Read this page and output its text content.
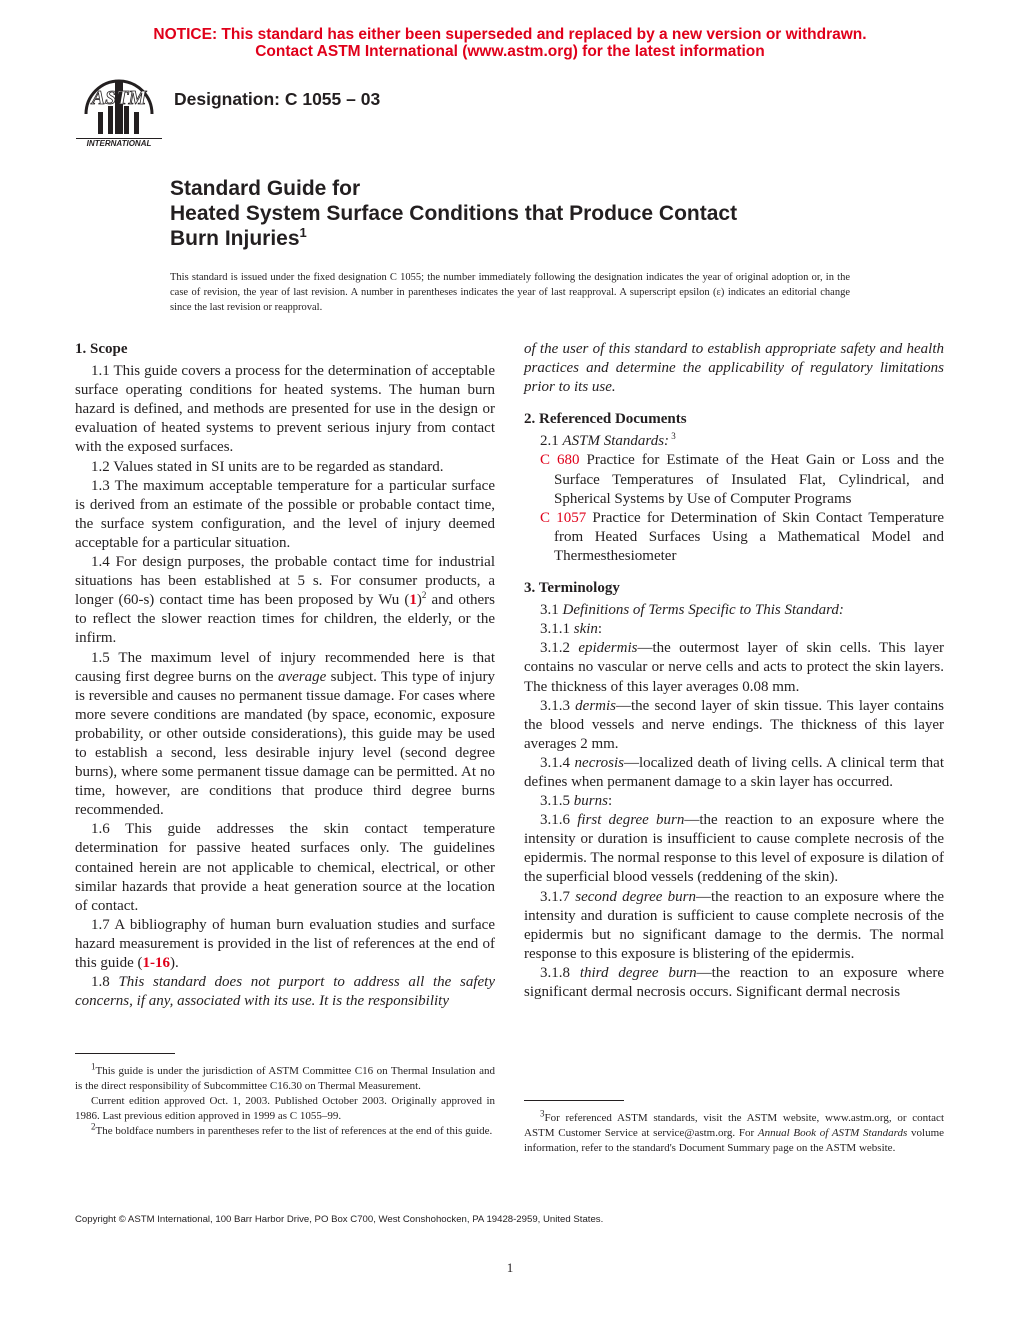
NOTICE: This standard has either been superseded and replaced by a new version or withdrawn.
Contact ASTM International (www.astm.org) for the latest information
ASTM
INTERNATIONAL
Designation: C 1055 – 03
Standard Guide for
Heated System Surface Conditions that Produce Contact
Burn Injuries$^1$
This standard is issued under the fixed designation C 1055; the number immediately following the designation indicates the year of original adoption or, in the case of revision, the year of last revision. A number in parentheses indicates the year of last reapproval. A superscript epsilon (ε) indicates an editorial change since the last revision or reapproval.
1. Scope

1.1 This guide covers a process for the determination of acceptable surface operating conditions for heated systems. The human burn hazard is defined, and methods are presented for use in the design or evaluation of heated systems to prevent serious injury from contact with the exposed surfaces.

1.2 Values stated in SI units are to be regarded as standard.

1.3 The maximum acceptable temperature for a particular surface is derived from an estimate of the possible or probable contact time, the surface system configuration, and the level of injury deemed acceptable for a particular situation.

1.4 For design purposes, the probable contact time for industrial situations has been established at 5 s. For consumer products, a longer (60-s) contact time has been proposed by Wu $(1)^2$ and others to reflect the slower reaction times for children, the elderly, or the infirm.

1.5 The maximum level of injury recommended here is that causing first degree burns on the average subject. This type of injury is reversible and causes no permanent tissue damage. For cases where more severe conditions are mandated (by space, economic, exposure probability, or other outside considerations), this guide may be used to establish a second, less desirable injury level (second degree burns), where some permanent tissue damage can be permitted. At no time, however, are conditions that produce third degree burns recommended.

1.6 This guide addresses the skin contact temperature determination for passive heated surfaces only. The guidelines contained herein are not applicable to chemical, electrical, or other similar hazards that provide a heat generation source at the location of contact.

1.7 A bibliography of human burn evaluation studies and surface hazard measurement is provided in the list of references at the end of this guide (1-16).

1.8 This standard does not purport to address all the safety concerns, if any, associated with its use. It is the responsibility

$^1$This guide is under the jurisdiction of ASTM Committee C16 on Thermal Insulation and is the direct responsibility of Subcommittee C16.30 on Thermal Measurement.

Current edition approved Oct. 1, 2003. Published October 2003. Originally approved in 1986. Last previous edition approved in 1999 as C 1055–99.

$^2$The boldface numbers in parentheses refer to the list of references at the end of this guide.

of the user of this standard to establish appropriate safety and health practices and determine the applicability of regulatory limitations prior to its use.

2. Referenced Documents

2.1 ASTM Standards: $^3$

C 680 Practice for Estimate of the Heat Gain or Loss and the Surface Temperatures of Insulated Flat, Cylindrical, and Spherical Systems by Use of Computer Programs

C 1057 Practice for Determination of Skin Contact Temperature from Heated Surfaces Using a Mathematical Model and Thermesthesiometer

3. Terminology

3.1 Definitions of Terms Specific to This Standard:

3.1.1 skin:

3.1.2 epidermis—the outermost layer of skin cells. This layer contains no vascular or nerve cells and acts to protect the skin layers. The thickness of this layer averages 0.08 mm.

3.1.3 dermis—the second layer of skin tissue. This layer contains the blood vessels and nerve endings. The thickness of this layer averages 2 mm.

3.1.4 necrosis—localized death of living cells. A clinical term that defines when permanent damage to a skin layer has occurred.

3.1.5 burns:

3.1.6 first degree burn—the reaction to an exposure where the intensity or duration is insufficient to cause complete necrosis of the epidermis. The normal response to this level of exposure is dilation of the superficial blood vessels (reddening of the skin).

3.1.7 second degree burn—the reaction to an exposure where the intensity and duration is sufficient to cause complete necrosis of the epidermis but no significant damage to the dermis. The normal response to this exposure is blistering of the epidermis.

3.1.8 third degree burn—the reaction to an exposure where significant dermal necrosis occurs. Significant dermal necrosis

$^3$For referenced ASTM standards, visit the ASTM website, www.astm.org, or contact ASTM Customer Service at service@astm.org. For Annual Book of ASTM Standards volume information, refer to the standard's Document Summary page on the ASTM website.

Copyright © ASTM International, 100 Barr Harbor Drive, PO Box C700, West Conshohocken, PA 19428-2959, United States.
1
